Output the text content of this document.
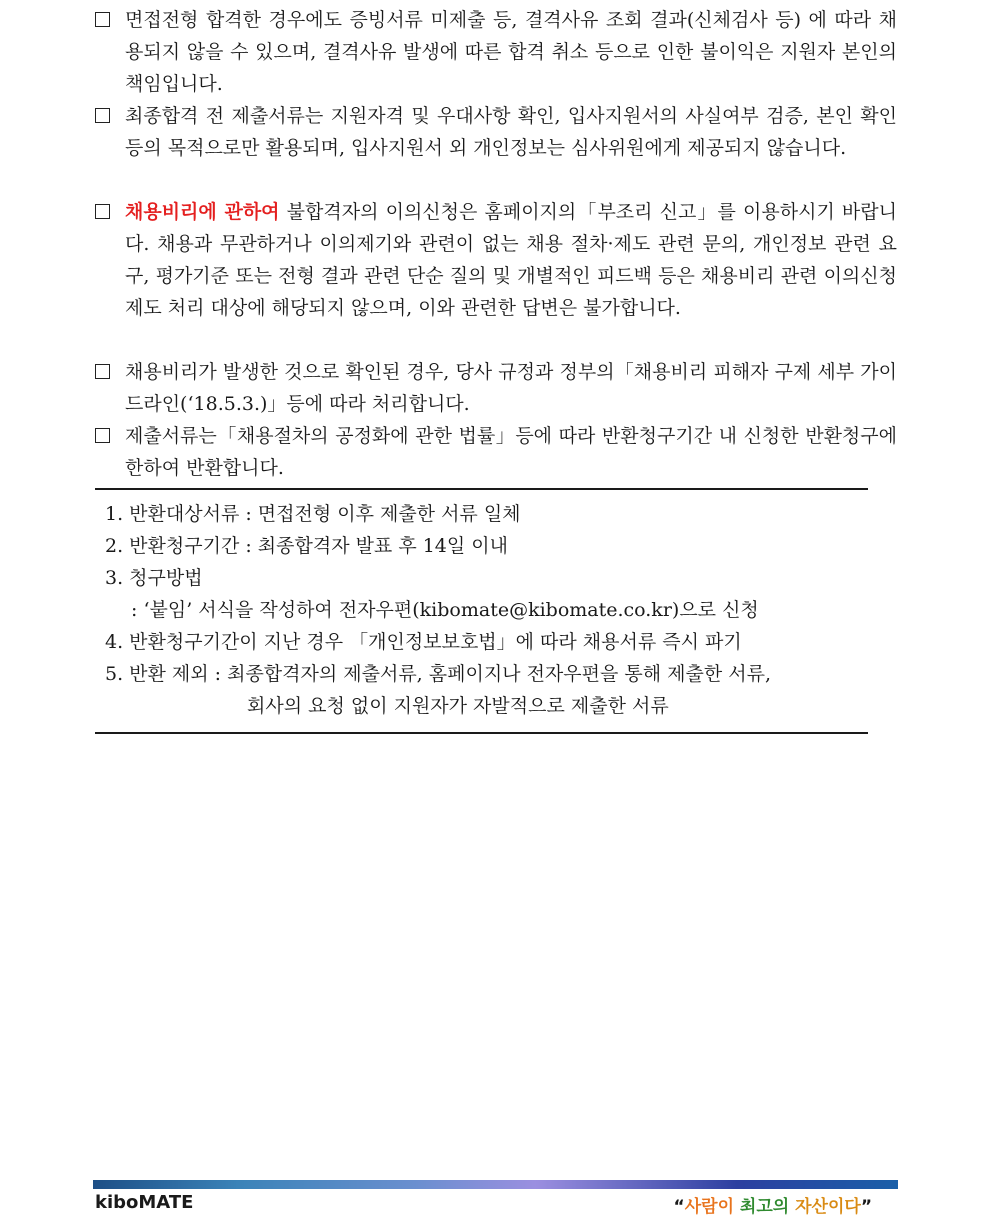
면접전형 합격한 경우에도 증빙서류 미제출 등, 결격사유 조회 결과(신체검사 등) 에 따라 채용되지 않을 수 있으며, 결격사유 발생에 따른 합격 취소 등으로 인한 불이익은 지원자 본인의 책임입니다.
최종합격 전 제출서류는 지원자격 및 우대사항 확인, 입사지원서의 사실여부 검증, 본인 확인 등의 목적으로만 활용되며, 입사지원서 외 개인정보는 심사위원에게 제공되지 않습니다.
채용비리에 관하여 불합격자의 이의신청은 홈페이지의「부조리 신고」를 이용하시기 바랍니다. 채용과 무관하거나 이의제기와 관련이 없는 채용 절차·제도 관련 문의, 개인정보 관련 요구, 평가기준 또는 전형 결과 관련 단순 질의 및 개별적인 피드백 등은 채용비리 관련 이의신청제도 처리 대상에 해당되지 않으며, 이와 관련한 답변은 불가합니다.
채용비리가 발생한 것으로 확인된 경우, 당사 규정과 정부의「채용비리 피해자 구제 세부 가이드라인(‘18.5.3.)」등에 따라 처리합니다.
제출서류는「채용절차의 공정화에 관한 법률」등에 따라 반환청구기간 내 신청한 반환청구에 한하여 반환합니다.
1. 반환대상서류 : 면접전형 이후 제출한 서류 일체
2. 반환청구기간 : 최종합격자 발표 후 14일 이내
3. 청구방법
: ‘붙임’ 서식을 작성하여 전자우편(kibomate@kibomate.co.kr)으로 신청
4. 반환청구기간이 지난 경우 「개인정보보호법」에 따라 채용서류 즉시 파기
5. 반환 제외 : 최종합격자의 제출서류, 홈페이지나 전자우편을 통해 제출한 서류,
회사의 요청 없이 지원자가 자발적으로 제출한 서류
kiboMATE	“사람이 최고의 자산이다”
